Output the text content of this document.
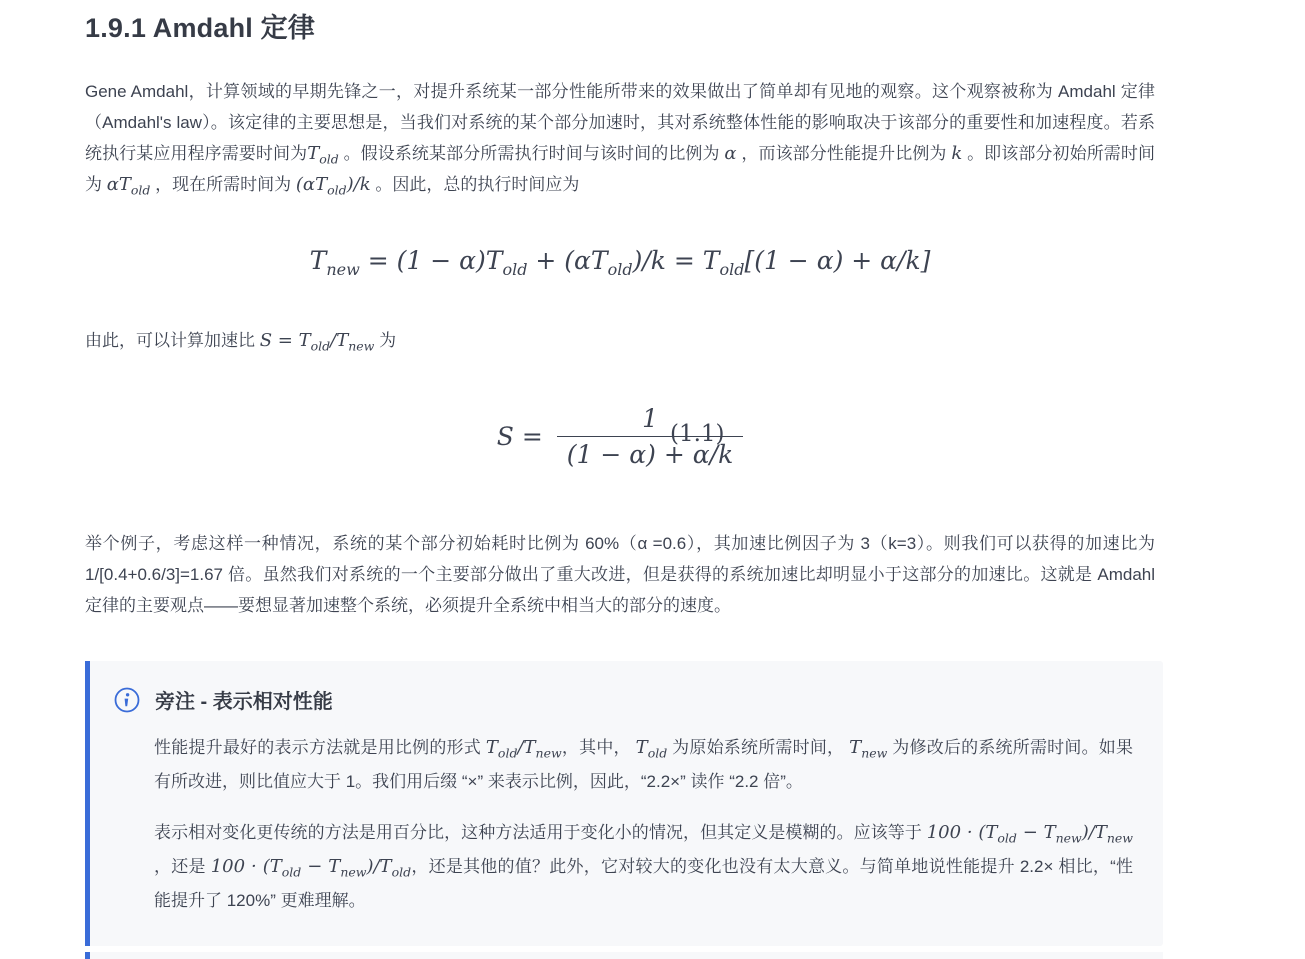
1.9.1 Amdahl 定律

Gene Amdahl，计算领域的早期先锋之一，对提升系统某一部分性能所带来的效果做出了简单却有见地的观察。这个观察被称为 Amdahl 定律（Amdahl's law）。该定律的主要思想是，当我们对系统的某个部分加速时，其对系统整体性能的影响取决于该部分的重要性和加速程度。若系统执行某应用程序需要时间为$T_{old}$ 。假设系统某部分所需执行时间与该时间的比例为 α ，而该部分性能提升比例为 k 。即该部分初始所需时间为 $\alpha T_{old}$ ，现在所需时间为 $(\alpha T_{old})/k$ 。因此，总的执行时间应为

$T_{new} = (1 - \alpha)T_{old} + (\alpha T_{old})/k = T_{old}[(1 - \alpha) + \alpha/k]$

由此，可以计算加速比 $S = T_{old}/T_{new}$ 为

$S = \frac{1}{(1 - \alpha) + \alpha/k}$
(1.1)

举个例子，考虑这样一种情况，系统的某个部分初始耗时比例为 60%（α =0.6），其加速比例因子为 3（k=3）。则我们可以获得的加速比为 1/[0.4+0.6/3]=1.67 倍。虽然我们对系统的一个主要部分做出了重大改进，但是获得的系统加速比却明显小于这部分的加速比。这就是 Amdahl 定律的主要观点——要想显著加速整个系统，必须提升全系统中相当大的部分的速度。

旁注 - 表示相对性能

性能提升最好的表示方法就是用比例的形式 $T_{old}/T_{new}$，其中， $T_{old}$ 为原始系统所需时间， $T_{new}$ 为修改后的系统所需时间。如果有所改进，则比值应大于 1。我们用后缀 “×” 来表示比例，因此，“2.2×” 读作 “2.2 倍”。

表示相对变化更传统的方法是用百分比，这种方法适用于变化小的情况，但其定义是模糊的。应该等于 $100 \cdot (T_{old} - T_{new})/T_{new}$ ，还是 $100 \cdot (T_{old} - T_{new})/T_{old}$，还是其他的值？此外，它对较大的变化也没有太大意义。与简单地说性能提升 2.2× 相比，“性能提升了 120%” 更难理解。
